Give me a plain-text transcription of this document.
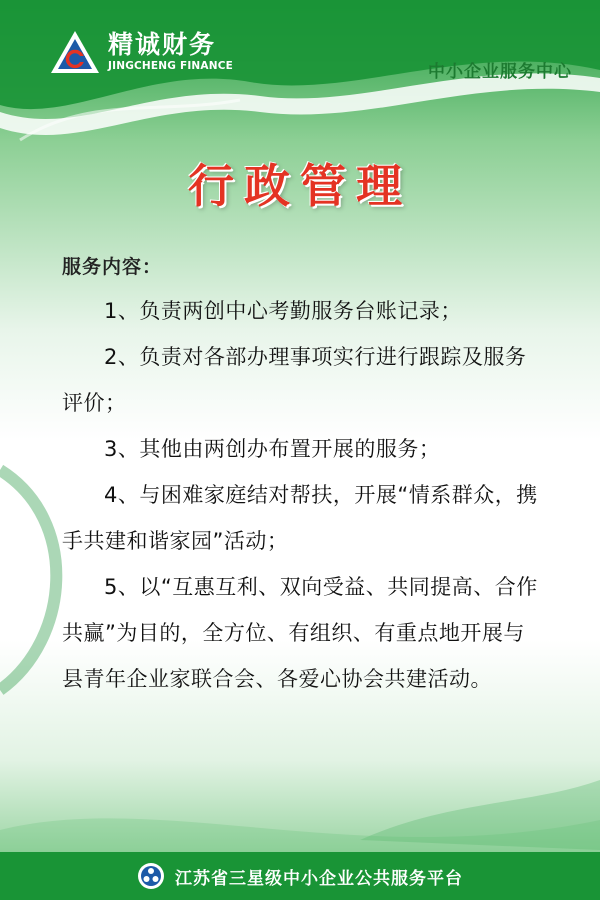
精诚财务
JINGCHENG FINANCE	中小企业服务中心
行政管理
服务内容：

1、负责两创中心考勤服务台账记录；

2、负责对各部办理事项实行进行跟踪及服务评价；

3、其他由两创办布置开展的服务；

4、与困难家庭结对帮扶，开展“情系群众，携手共建和谐家园”活动；

5、以“互惠互利、双向受益、共同提高、合作共赢”为目的，全方位、有组织、有重点地开展与县青年企业家联合会、各爱心协会共建活动。

江苏省三星级中小企业公共服务平台
